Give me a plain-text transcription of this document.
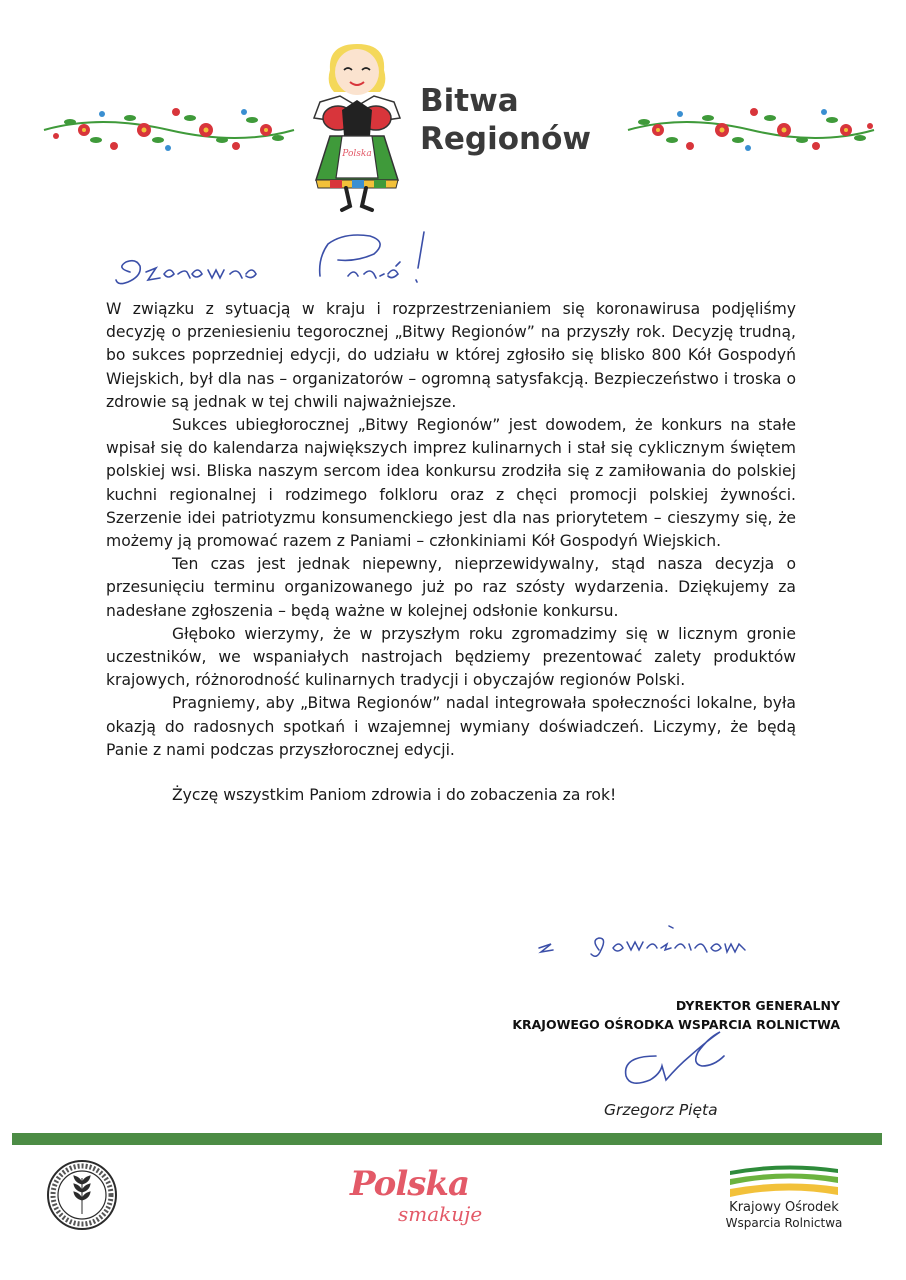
Polska
Bitwa
Regionów

W związku z sytuacją w kraju i rozprzestrzenianiem się koronawirusa podjęliśmy decyzję o przeniesieniu tegorocznej „Bitwy Regionów” na przyszły rok. Decyzję trudną, bo sukces poprzedniej edycji, do udziału w której zgłosiło się blisko 800 Kół Gospodyń Wiejskich, był dla nas – organizatorów – ogromną satysfakcją. Bezpieczeństwo i troska o zdrowie są jednak w tej chwili najważniejsze.

Sukces ubiegłorocznej „Bitwy Regionów” jest dowodem, że konkurs na stałe wpisał się do kalendarza największych imprez kulinarnych i stał się cyklicznym świętem polskiej wsi. Bliska naszym sercom idea konkursu zrodziła się z zamiłowania do polskiej kuchni regionalnej i rodzimego folkloru oraz z chęci promocji polskiej żywności. Szerzenie idei patriotyzmu konsumenckiego jest dla nas priorytetem – cieszymy się, że możemy ją promować razem z Paniami – członkiniami Kół Gospodyń Wiejskich.

Ten czas jest jednak niepewny, nieprzewidywalny, stąd nasza decyzja o przesunięciu terminu organizowanego już po raz szósty wydarzenia. Dziękujemy za nadesłane zgłoszenia – będą ważne w kolejnej odsłonie konkursu.

Głęboko wierzymy, że w przyszłym roku zgromadzimy się w licznym gronie uczestników, we wspaniałych nastrojach będziemy prezentować zalety produktów krajowych, różnorodność kulinarnych tradycji i obyczajów regionów Polski.

Pragniemy, aby „Bitwa Regionów” nadal integrowała społeczności lokalne, była okazją do radosnych spotkań i wzajemnej wymiany doświadczeń. Liczymy, że będą Panie z nami podczas przyszłorocznej edycji.

Życzę wszystkim Paniom zdrowia i do zobaczenia za rok!

DYREKTOR GENERALNY
KRAJOWEGO OŚRODKA WSPARCIA ROLNICTWA
Grzegorz Pięta
Polska
smakuje	Krajowy Ośrodek
Wsparcia Rolnictwa
